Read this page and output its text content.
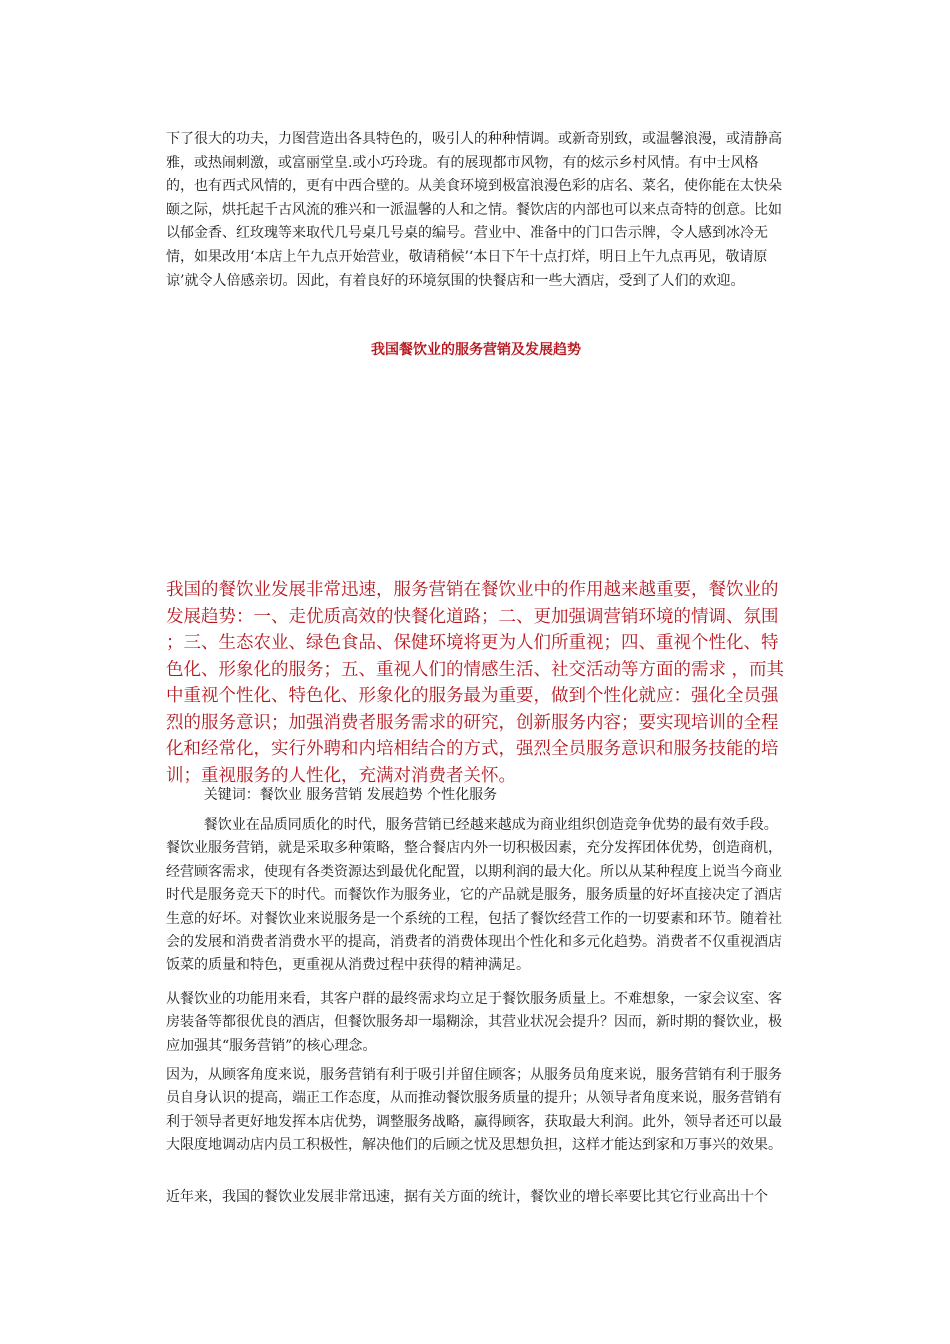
下了很大的功夫，力图营造出各具特色的，吸引人的种种情调。或新奇别致，或温馨浪漫，或清静高雅，或热闹刺激，或富丽堂皇.或小巧玲珑。有的展现都市风物，有的炫示乡村风情。有中士风格的，也有西式风情的，更有中西合壁的。从美食环境到极富浪漫色彩的店名、菜名，使你能在太快朵颐之际，烘托起千古风流的雅兴和一派温馨的人和之情。餐饮店的内部也可以来点奇特的创意。比如以郁金香、红玫瑰等来取代几号桌几号桌的编号。营业中、准备中的门口告示牌，令人感到冰冷无情，如果改用‘本店上午九点开始营业，敬请稍候’‘本日下午十点打烊，明日上午九点再见，敬请原谅’就令人倍感亲切。因此，有着良好的环境氛围的快餐店和一些大酒店，受到了人们的欢迎。

我国餐饮业的服务营销及发展趋势

我国的餐饮业发展非常迅速，服务营销在餐饮业中的作用越来越重要，餐饮业的发展趋势：一、走优质高效的快餐化道路；二、更加强调营销环境的情调、氛围 ；三、生态农业、绿色食品、保健环境将更为人们所重视；四、重视个性化、特色化、形象化的服务；五、重视人们的情感生活、社交活动等方面的需求 ，而其中重视个性化、特色化、形象化的服务最为重要，做到个性化就应：强化全员强烈的服务意识；加强消费者服务需求的研究，创新服务内容；要实现培训的全程化和经常化，实行外聘和内培相结合的方式，强烈全员服务意识和服务技能的培训；重视服务的人性化，充满对消费者关怀。

关键词：餐饮业 服务营销 发展趋势 个性化服务

餐饮业在品质同质化的时代，服务营销已经越来越成为商业组织创造竞争优势的最有效手段。餐饮业服务营销，就是采取多种策略，整合餐店内外一切积极因素，充分发挥团体优势，创造商机，经营顾客需求，使现有各类资源达到最优化配置，以期利润的最大化。所以从某种程度上说当今商业时代是服务竞天下的时代。而餐饮作为服务业，它的产品就是服务，服务质量的好坏直接决定了酒店生意的好坏。对餐饮业来说服务是一个系统的工程，包括了餐饮经营工作的一切要素和环节。随着社会的发展和消费者消费水平的提高，消费者的消费体现出个性化和多元化趋势。消费者不仅重视酒店饭菜的质量和特色，更重视从消费过程中获得的精神满足。

从餐饮业的功能用来看，其客户群的最终需求均立足于餐饮服务质量上。不难想象，一家会议室、客房装备等都很优良的酒店，但餐饮服务却一塌糊涂，其营业状况会提升？因而，新时期的餐饮业，极应加强其“服务营销”的核心理念。

因为，从顾客角度来说，服务营销有利于吸引并留住顾客；从服务员角度来说，服务营销有利于服务员自身认识的提高，端正工作态度，从而推动餐饮服务质量的提升；从领导者角度来说，服务营销有利于领导者更好地发挥本店优势，调整服务战略，赢得顾客，获取最大利润。此外，领导者还可以最大限度地调动店内员工积极性，解决他们的后顾之忧及思想负担，这样才能达到家和万事兴的效果。

近年来，我国的餐饮业发展非常迅速，据有关方面的统计，餐饮业的增长率要比其它行业高出十个
